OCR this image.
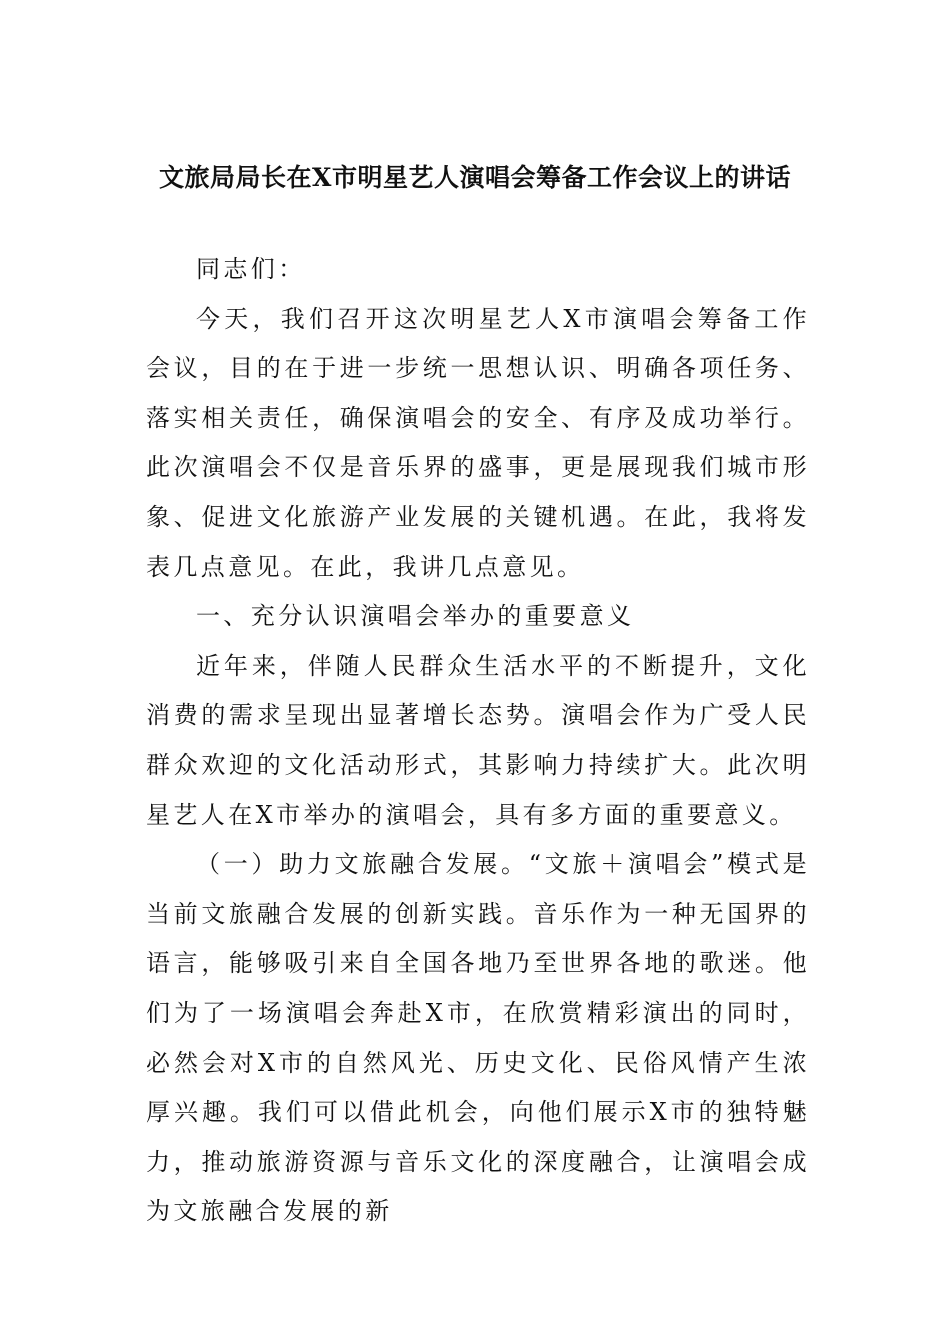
文旅局局长在X市明星艺人演唱会筹备工作会议上的讲话

同志们：

今天，我们召开这次明星艺人X市演唱会筹备工作会议，目的在于进一步统一思想认识、明确各项任务、落实相关责任，确保演唱会的安全、有序及成功举行。此次演唱会不仅是音乐界的盛事，更是展现我们城市形象、促进文化旅游产业发展的关键机遇。在此，我将发表几点意见。在此，我讲几点意见。

一、充分认识演唱会举办的重要意义

近年来，伴随人民群众生活水平的不断提升，文化消费的需求呈现出显著增长态势。演唱会作为广受人民群众欢迎的文化活动形式，其影响力持续扩大。此次明星艺人在X市举办的演唱会，具有多方面的重要意义。

（一）助力文旅融合发展。“文旅＋演唱会”模式是当前文旅融合发展的创新实践。音乐作为一种无国界的语言，能够吸引来自全国各地乃至世界各地的歌迷。他们为了一场演唱会奔赴X市，在欣赏精彩演出的同时，必然会对X市的自然风光、历史文化、民俗风情产生浓厚兴趣。我们可以借此机会，向他们展示X市的独特魅力，推动旅游资源与音乐文化的深度融合，让演唱会成为文旅融合发展的新
